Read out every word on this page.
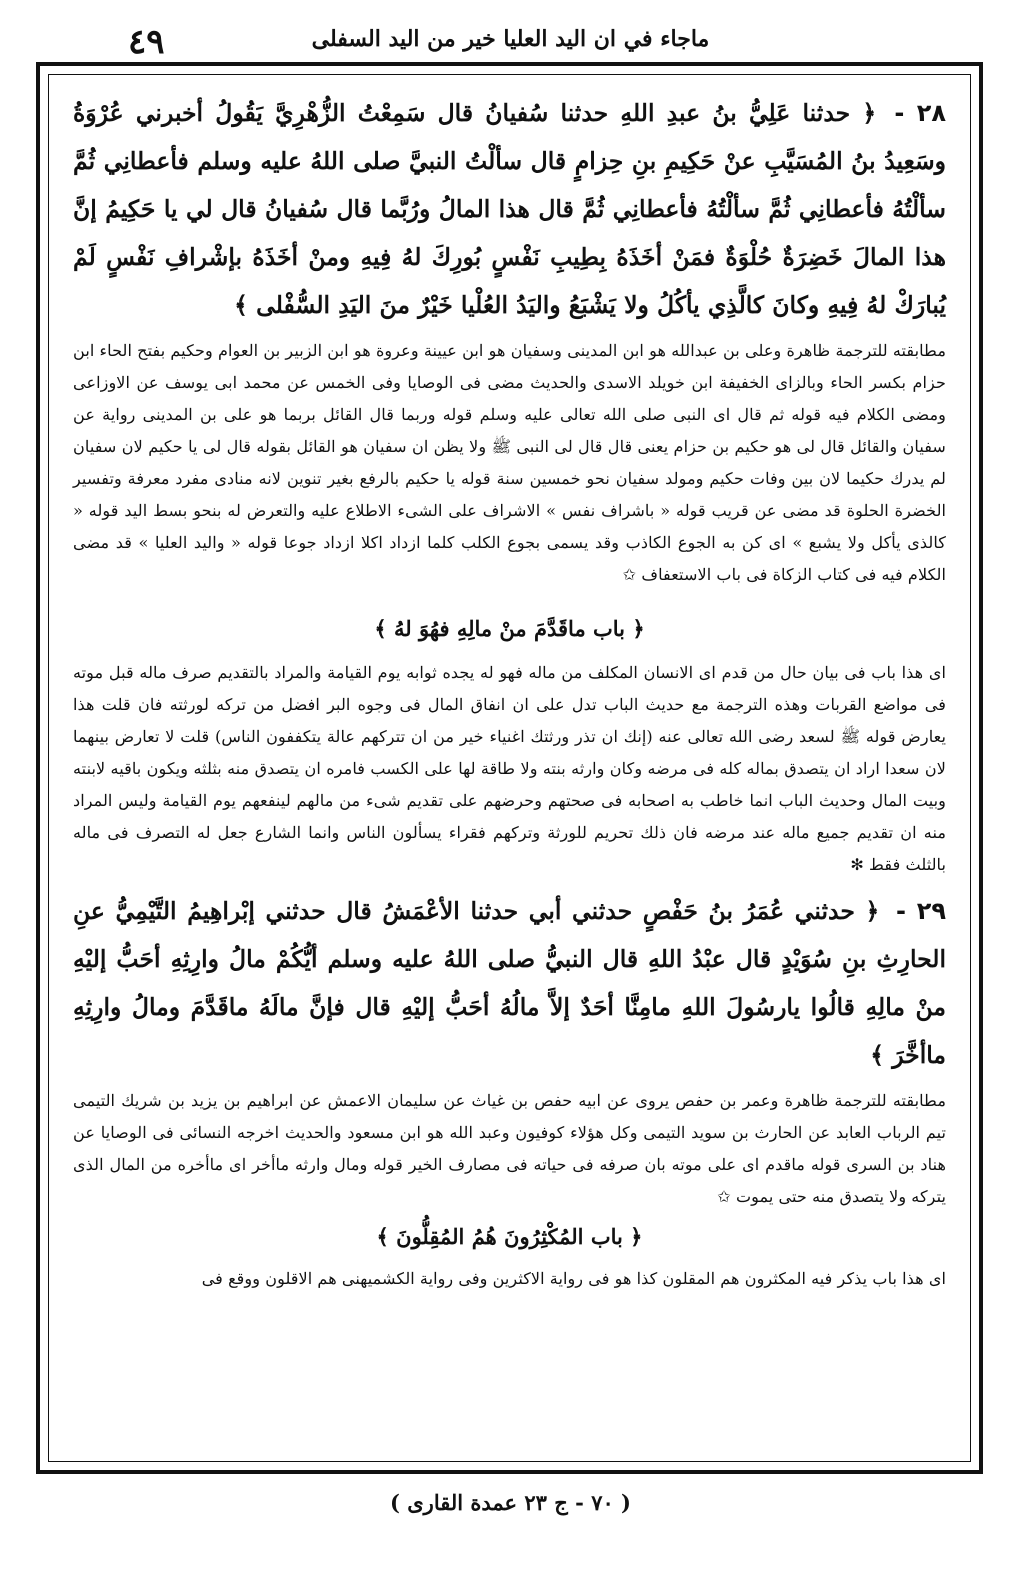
٤٩	ماجاء في ان اليد العليا خير من اليد السفلى

٢٨ - ﴿ حدثنا عَلِيُّ بنُ عبدِ اللهِ حدثنا سُفيانُ قال سَمِعْتُ الزُّهْرِيَّ يَقُولُ أخبرني عُرْوَةُ وسَعِيدُ بنُ المُسَيَّبِ عنْ حَكِيمِ بنِ حِزامٍ قال سألْتُ النبيَّ صلى اللهُ عليه وسلم فأعطانِي ثُمَّ سألْتُهُ فأعطانِي ثُمَّ سألْتُهُ فأعطانِي ثُمَّ قال هذا المالُ ورُبَّما قال سُفيانُ قال لي يا حَكِيمُ إنَّ هذا المالَ خَضِرَةٌ حُلْوَةٌ فمَنْ أخَذَهُ بِطِيبِ نَفْسٍ بُورِكَ لهُ فِيهِ ومنْ أخَذَهُ بإشْرافِ نَفْسٍ لَمْ يُبارَكْ لهُ فِيهِ وكانَ كالَّذِي يأكُلُ ولا يَشْبَعُ واليَدُ العُلْيا خَيْرٌ منَ اليَدِ السُّفْلى ﴾

مطابقته للترجمة ظاهرة وعلى بن عبدالله هو ابن المدينى وسفيان هو ابن عيينة وعروة هو ابن الزبير بن العوام وحكيم بفتح الحاء ابن حزام بكسر الحاء وبالزاى الخفيفة ابن خويلد الاسدى والحديث مضى فى الوصايا وفى الخمس عن محمد ابى يوسف عن الاوزاعى ومضى الكلام فيه قوله ثم قال اى النبى صلى الله تعالى عليه وسلم قوله وربما قال القائل بربما هو على بن المدينى رواية عن سفيان والقائل قال لى هو حكيم بن حزام يعنى قال قال لى النبى ﷺ ولا يظن ان سفيان هو القائل بقوله قال لى يا حكيم لان سفيان لم يدرك حكيما لان بين وفات حكيم ومولد سفيان نحو خمسين سنة قوله يا حكيم بالرفع بغير تنوين لانه منادى مفرد معرفة وتفسير الخضرة الحلوة قد مضى عن قريب قوله « باشراف نفس » الاشراف على الشىء الاطلاع عليه والتعرض له بنحو بسط اليد قوله « كالذى يأكل ولا يشبع » اى كن به الجوع الكاذب وقد يسمى بجوع الكلب كلما ازداد اكلا ازداد جوعا قوله « واليد العليا » قد مضى الكلام فيه فى كتاب الزكاة فى باب الاستعفاف ✩

﴿ باب ماقَدَّمَ منْ مالِهِ فهُوَ لهُ ﴾

اى هذا باب فى بيان حال من قدم اى الانسان المكلف من ماله فهو له يجده ثوابه يوم القيامة والمراد بالتقديم صرف ماله قبل موته فى مواضع القربات وهذه الترجمة مع حديث الباب تدل على ان انفاق المال فى وجوه البر افضل من تركه لورثته فان قلت هذا يعارض قوله ﷺ لسعد رضى الله تعالى عنه (إنك ان تذر ورثتك اغنياء خير من ان تتركهم عالة يتكففون الناس) قلت لا تعارض بينهما لان سعدا اراد ان يتصدق بماله كله فى مرضه وكان وارثه بنته ولا طاقة لها على الكسب فامره ان يتصدق منه بثلثه ويكون باقيه لابنته وبيت المال وحديث الباب انما خاطب به اصحابه فى صحتهم وحرضهم على تقديم شىء من مالهم لينفعهم يوم القيامة وليس المراد منه ان تقديم جميع ماله عند مرضه فان ذلك تحريم للورثة وتركهم فقراء يسألون الناس وانما الشارع جعل له التصرف فى ماله بالثلث فقط ✻

٢٩ - ﴿ حدثني عُمَرُ بنُ حَفْصٍ حدثني أبي حدثنا الأعْمَشُ قال حدثني إبْراهِيمُ التَّيْمِيُّ عنِ الحارِثِ بنِ سُوَيْدٍ قال عبْدُ اللهِ قال النبيُّ صلى اللهُ عليه وسلم أيُّكُمْ مالُ وارِثِهِ أحَبُّ إليْهِ منْ مالِهِ قالُوا يارسُولَ اللهِ مامِنَّا أحَدٌ إلاَّ مالُهُ أحَبُّ إليْهِ قال فإنَّ مالَهُ ماقَدَّمَ ومالُ وارِثِهِ ماأخَّرَ ﴾

مطابقته للترجمة ظاهرة وعمر بن حفص يروى عن ابيه حفص بن غياث عن سليمان الاعمش عن ابراهيم بن يزيد بن شريك التيمى تيم الرباب العابد عن الحارث بن سويد التيمى وكل هؤلاء كوفيون وعبد الله هو ابن مسعود والحديث اخرجه النسائى فى الوصايا عن هناد بن السرى قوله ماقدم اى على موته بان صرفه فى حياته فى مصارف الخير قوله ومال وارثه ماأخر اى ماأخره من المال الذى يتركه ولا يتصدق منه حتى يموت ✩

﴿ باب المُكْثِرُونَ هُمُ المُقِلُّونَ ﴾

اى هذا باب يذكر فيه المكثرون هم المقلون كذا هو فى رواية الاكثرين وفى رواية الكشميهنى هم الاقلون ووقع فى

( ٧٠ - ج ٢٣ عمدة القارى )
